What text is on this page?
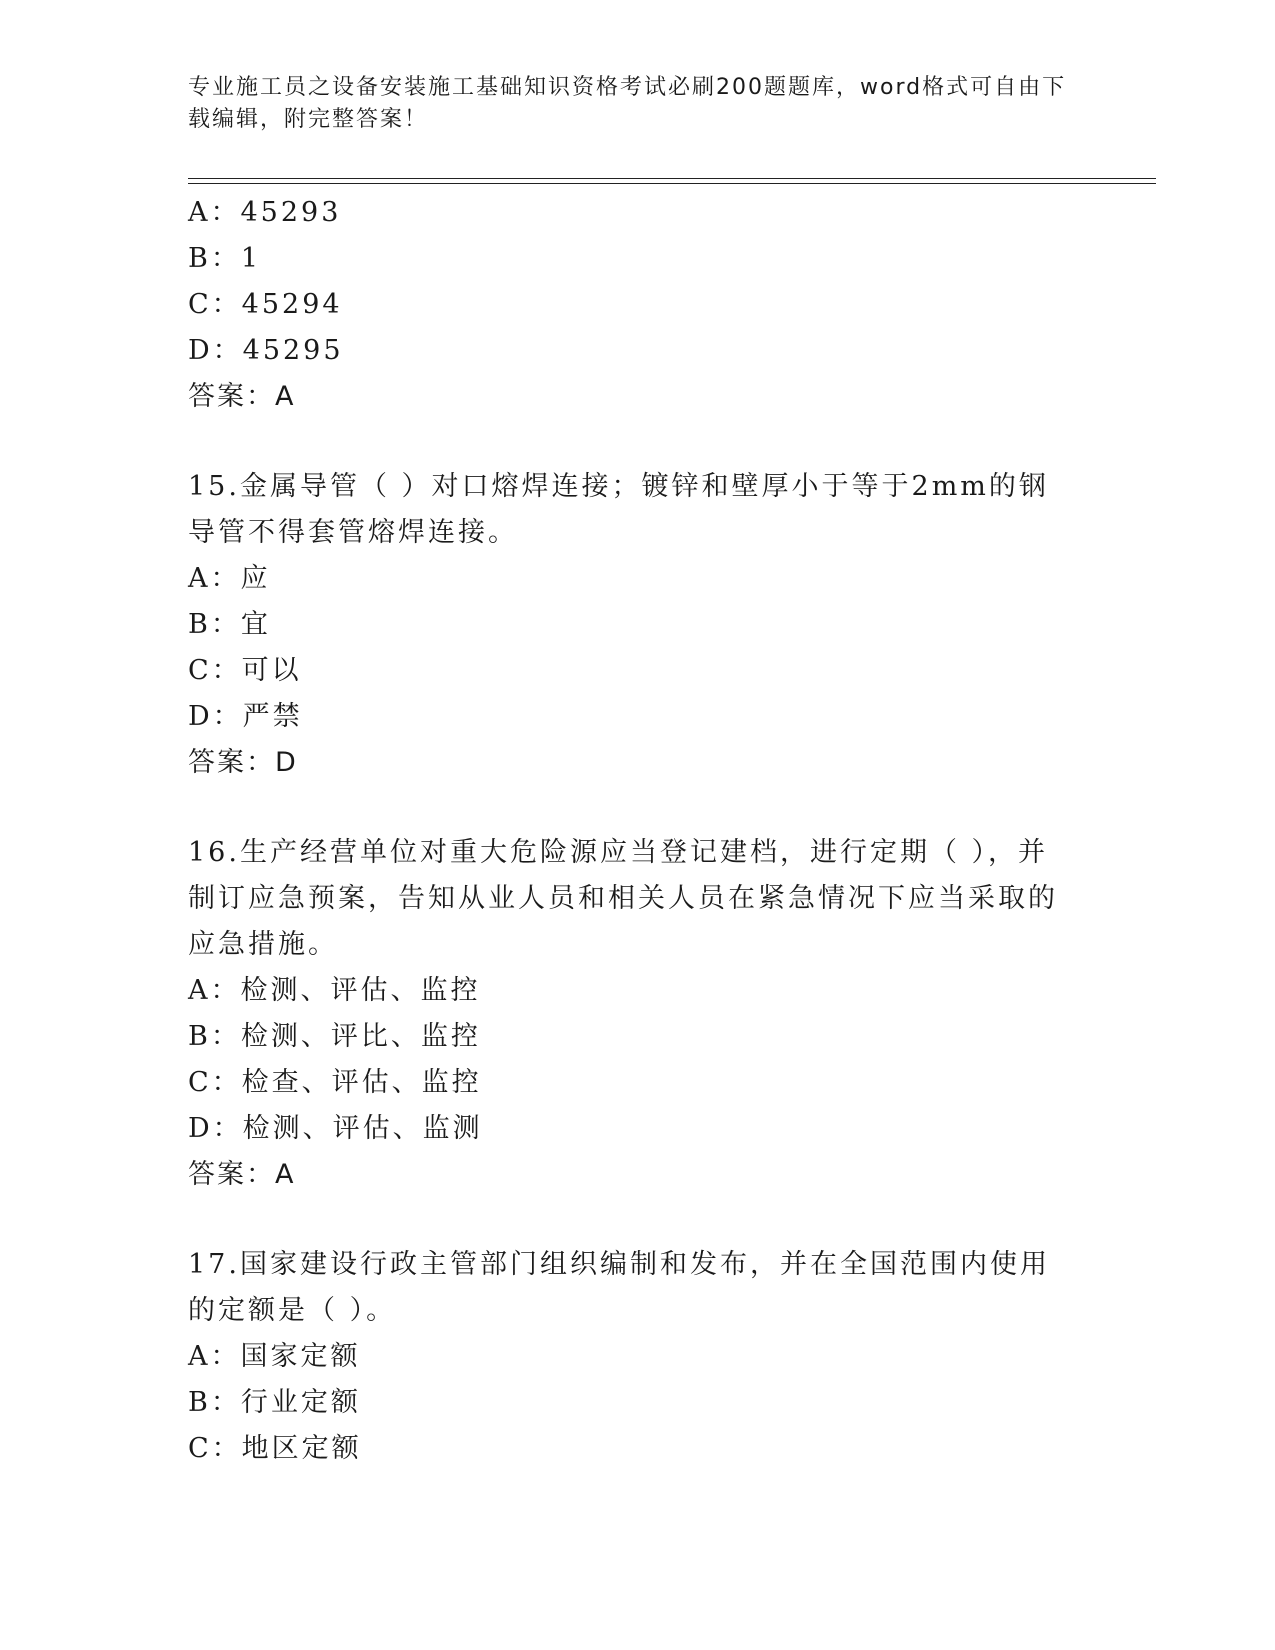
专业施工员之设备安装施工基础知识资格考试必刷200题题库，word格式可自由下载编辑，附完整答案！
A：45293
B：1
C：45294
D：45295
答案：A
15.金属导管（ ）对口熔焊连接；镀锌和壁厚小于等于2mm的钢导管不得套管熔焊连接。
A：应
B：宜
C：可以
D：严禁
答案：D
16.生产经营单位对重大危险源应当登记建档，进行定期（ ），并制订应急预案，告知从业人员和相关人员在紧急情况下应当采取的应急措施。
A：检测、评估、监控
B：检测、评比、监控
C：检查、评估、监控
D：检测、评估、监测
答案：A
17.国家建设行政主管部门组织编制和发布，并在全国范围内使用的定额是（ ）。
A：国家定额
B：行业定额
C：地区定额
